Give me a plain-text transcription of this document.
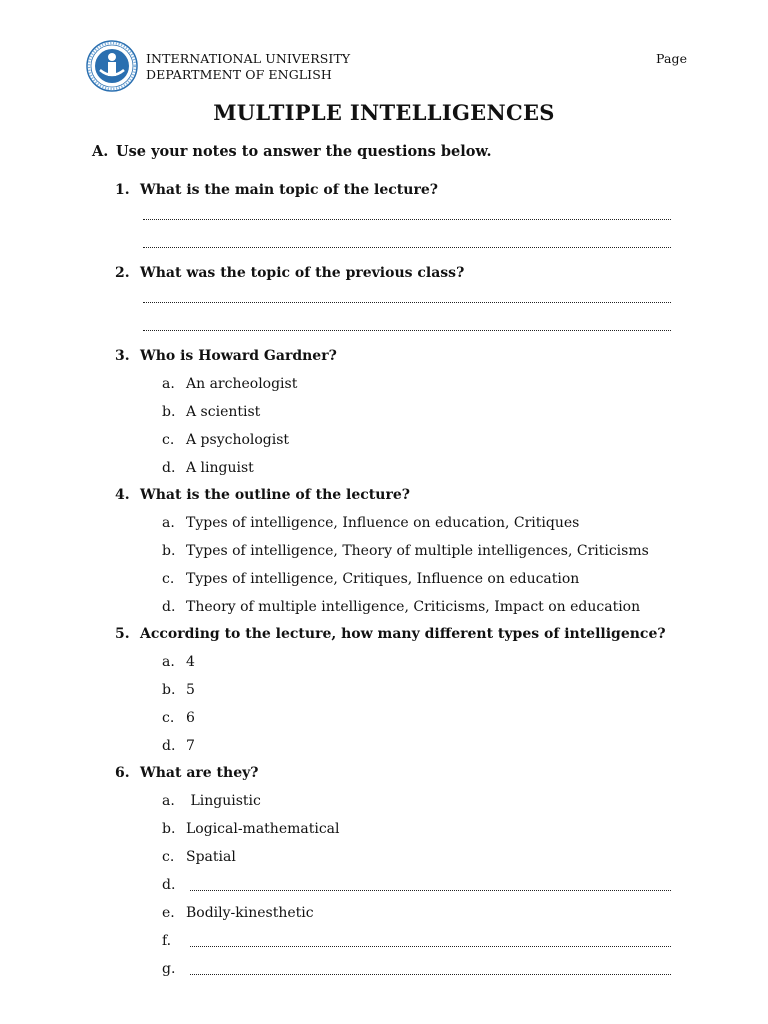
INTERNATIONAL UNIVERSITY
DEPARTMENT OF ENGLISH
Page
MULTIPLE INTELLIGENCES
A. Use your notes to answer the questions below.
1. What is the main topic of the lecture?
2. What was the topic of the previous class?
3. Who is Howard Gardner?
a. An archeologist
b. A scientist
c. A psychologist
d. A linguist
4. What is the outline of the lecture?
a. Types of intelligence, Influence on education, Critiques
b. Types of intelligence, Theory of multiple intelligences, Criticisms
c. Types of intelligence, Critiques, Influence on education
d. Theory of multiple intelligence, Criticisms, Impact on education
5. According to the lecture, how many different types of intelligence?
a. 4
b. 5
c. 6
d. 7
6. What are they?
a. Linguistic
b. Logical-mathematical
c. Spatial
d.
e. Bodily-kinesthetic
f.
g.
